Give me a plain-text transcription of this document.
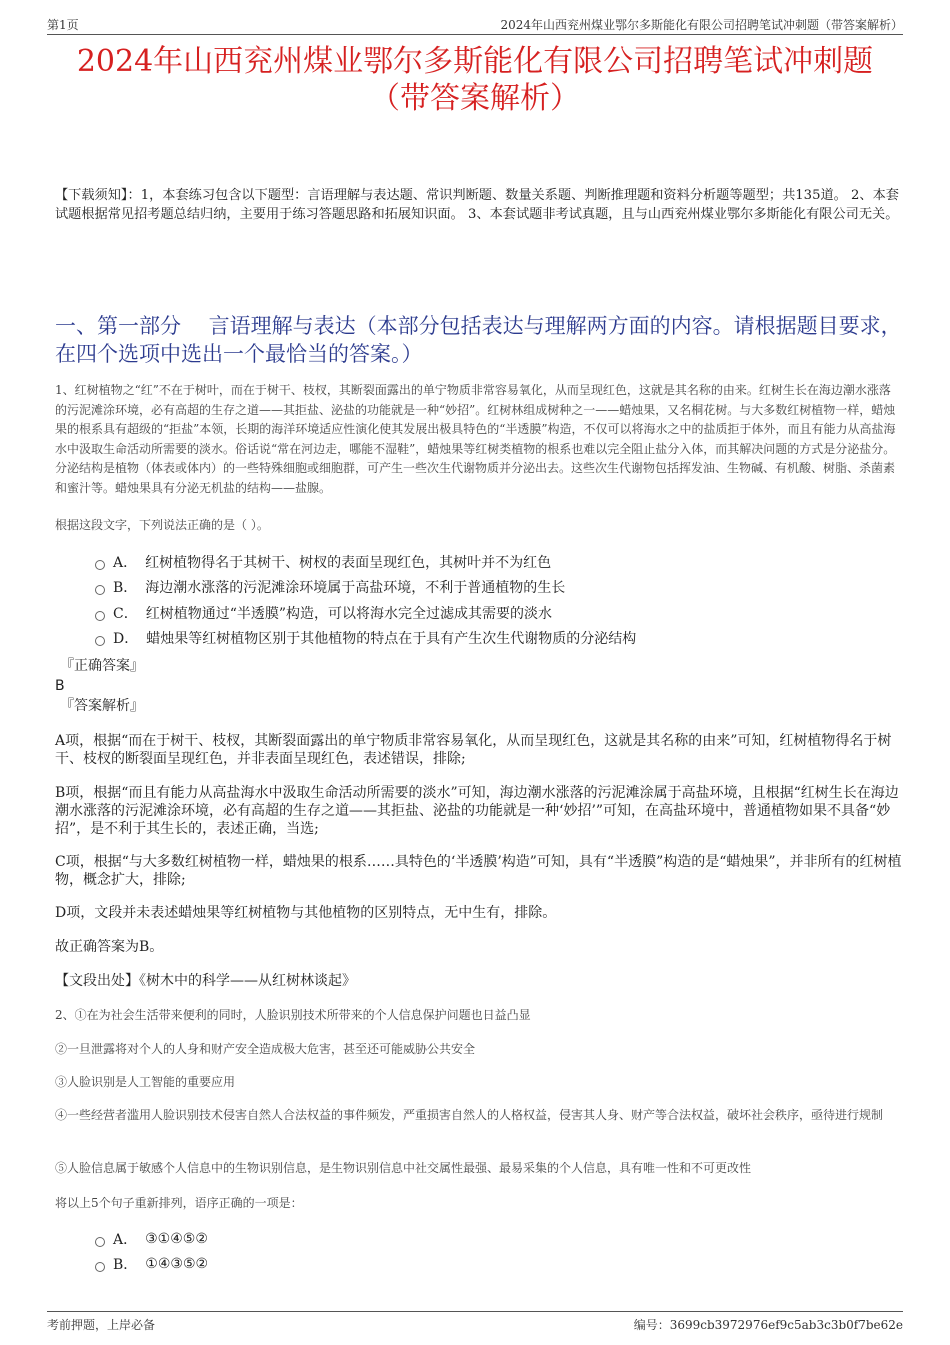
第1页	2024年山西兖州煤业鄂尔多斯能化有限公司招聘笔试冲刺题（带答案解析）
2024年山西兖州煤业鄂尔多斯能化有限公司招聘笔试冲刺题
（带答案解析）
【下载须知】：1，本套练习包含以下题型：言语理解与表达题、常识判断题、数量关系题、判断推理题和资料分析题等题型；共135道。 2、本套试题根据常见招考题总结归纳，主要用于练习答题思路和拓展知识面。 3、本套试题非考试真题，且与山西兖州煤业鄂尔多斯能化有限公司无关。
一、第一部分　 言语理解与表达（本部分包括表达与理解两方面的内容。请根据题目要求，在四个选项中选出一个最恰当的答案。）
1、红树植物之“红”不在于树叶，而在于树干、枝杈，其断裂面露出的单宁物质非常容易氧化，从而呈现红色，这就是其名称的由来。红树生长在海边潮水涨落的污泥滩涂环境，必有高超的生存之道——其拒盐、泌盐的功能就是一种“妙招”。红树林组成树种之一——蜡烛果，又名桐花树。与大多数红树植物一样，蜡烛果的根系具有超级的“拒盐”本领，长期的海洋环境适应性演化使其发展出极具特色的“半透膜”构造，不仅可以将海水之中的盐质拒于体外，而且有能力从高盐海水中汲取生命活动所需要的淡水。俗话说“常在河边走，哪能不湿鞋”，蜡烛果等红树类植物的根系也难以完全阻止盐分入体，而其解决问题的方式是分泌盐分。分泌结构是植物（体表或体内）的一些特殊细胞或细胞群，可产生一些次生代谢物质并分泌出去。这些次生代谢物包括挥发油、生物碱、有机酸、树脂、杀菌素和蜜汁等。蜡烛果具有分泌无机盐的结构——盐腺。
根据这段文字，下列说法正确的是（ ）。
A． 红树植物得名于其树干、树杈的表面呈现红色，其树叶并不为红色
B． 海边潮水涨落的污泥滩涂环境属于高盐环境，不利于普通植物的生长
C． 红树植物通过“半透膜”构造，可以将海水完全过滤成其需要的淡水
D． 蜡烛果等红树植物区别于其他植物的特点在于具有产生次生代谢物质的分泌结构
『正确答案』
B
『答案解析』
A项，根据“而在于树干、枝杈，其断裂面露出的单宁物质非常容易氧化，从而呈现红色，这就是其名称的由来”可知，红树植物得名于树干、枝杈的断裂面呈现红色，并非表面呈现红色，表述错误，排除;
B项，根据“而且有能力从高盐海水中汲取生命活动所需要的淡水”可知，海边潮水涨落的污泥滩涂属于高盐环境，且根据“红树生长在海边潮水涨落的污泥滩涂环境，必有高超的生存之道——其拒盐、泌盐的功能就是一种‘妙招’”可知，在高盐环境中，普通植物如果不具备“妙招”，是不利于其生长的，表述正确，当选;
C项，根据“与大多数红树植物一样，蜡烛果的根系……具特色的‘半透膜’构造”可知，具有“半透膜”构造的是“蜡烛果”，并非所有的红树植物，概念扩大，排除;
D项，文段并未表述蜡烛果等红树植物与其他植物的区别特点，无中生有，排除。
故正确答案为B。
【文段出处】《树木中的科学——从红树林谈起》
2、①在为社会生活带来便利的同时，人脸识别技术所带来的个人信息保护问题也日益凸显
②一旦泄露将对个人的人身和财产安全造成极大危害，甚至还可能威胁公共安全
③人脸识别是人工智能的重要应用
④一些经营者滥用人脸识别技术侵害自然人合法权益的事件频发，严重损害自然人的人格权益，侵害其人身、财产等合法权益，破坏社会秩序，亟待进行规制
⑤人脸信息属于敏感个人信息中的生物识别信息，是生物识别信息中社交属性最强、最易采集的个人信息，具有唯一性和不可更改性
将以上5个句子重新排列，语序正确的一项是：
A． ③①④⑤②
B． ①④③⑤②
考前押题，上岸必备	编号：3699cb3972976ef9c5ab3c3b0f7be62e
